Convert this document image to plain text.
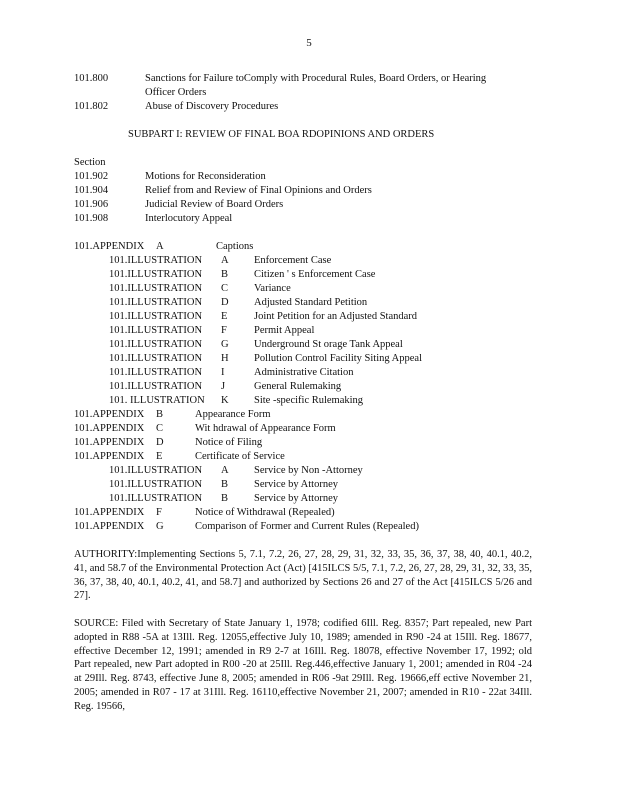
5
101.800	Sanctions for Failure toComply with Procedural Rules, Board Orders, or Hearing
Officer Orders
101.802	Abuse of Discovery Procedures
SUBPART I: REVIEW OF FINAL BOA RDOPINIONS AND ORDERS
Section
101.902	Motions for Reconsideration
101.904	Relief from and Review of Final Opinions and Orders
101.906	Judicial Review of Board Orders
101.908	Interlocutory Appeal
101.APPENDIX A	Captions
101.ILLUSTRATION A Enforcement Case
101.ILLUSTRATION B Citizen ' s Enforcement Case
101.ILLUSTRATION C Variance
101.ILLUSTRATION D Adjusted Standard Petition
101.ILLUSTRATION E	Joint Petition for an Adjusted Standard
101.ILLUSTRATION F	Permit Appeal
101.ILLUSTRATION G Underground St orage Tank Appeal
101.ILLUSTRATION H Pollution Control Facility Siting Appeal
101.ILLUSTRATION I	Administrative Citation
101.ILLUSTRATION J	General Rulemaking
101. ILLUSTRATION K Site -specific Rulemaking
101.APPENDIX B	Appearance Form
101.APPENDIX C	Wit hdrawal of Appearance Form
101.APPENDIX D	Notice of Filing
101.APPENDIX E	Certificate of Service
101.ILLUSTRATION A Service by Non -Attorney
101.ILLUSTRATION B Service by Attorney
101.ILLUSTRATION B Service by Attorney
101.APPENDIX F	Notice of Withdrawal (Repealed)
101.APPENDIX G	Comparison of Former and Current Rules (Repealed)
AUTHORITY:Implementing Sections 5, 7.1, 7.2, 26, 27, 28, 29, 31, 32, 33, 35, 36, 37, 38, 40, 40.1, 40.2, 41, and 58.7 of the Environmental Protection Act (Act) [415ILCS 5/5, 7.1, 7.2, 26, 27, 28, 29, 31, 32, 33, 35, 36, 37, 38, 40, 40.1, 40.2, 41, and 58.7] and authorized by Sections 26 and 27 of the Act [415ILCS 5/26 and 27].
SOURCE: Filed with Secretary of State January 1, 1978; codified 6Ill. Reg. 8357; Part repealed, new Part adopted in R88 -5A at 13Ill. Reg. 12055,effective July 10, 1989; amended in R90 -24 at 15Ill. Reg. 18677, effective December 12, 1991; amended in R9 2-7 at 16Ill. Reg. 18078, effective November 17, 1992; old Part repealed, new Part adopted in R00 -20 at 25Ill. Reg.446,effective January 1, 2001; amended in R04 -24 at 29Ill. Reg. 8743, effective June 8, 2005; amended in R06 -9at 29Ill. Reg. 19666,eff ective November 21, 2005; amended in R07 - 17 at 31Ill. Reg. 16110,effective November 21, 2007; amended in R10 - 22at 34Ill. Reg. 19566,
